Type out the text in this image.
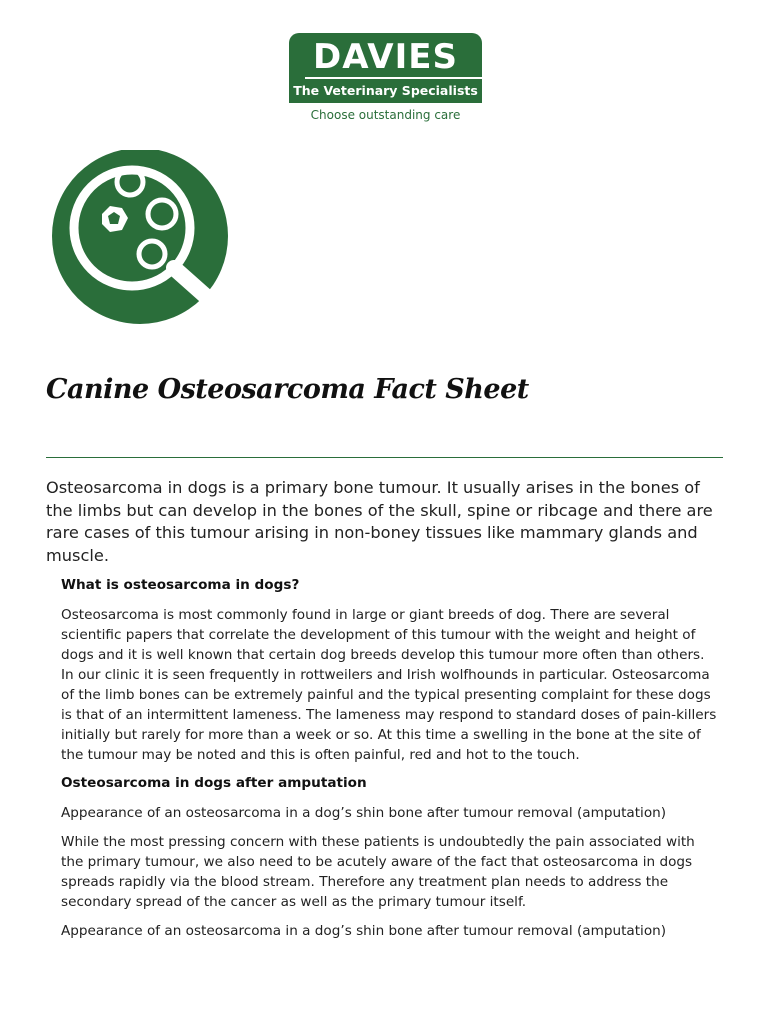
DAVIES
The Veterinary Specialists
Choose outstanding care
Canine Osteosarcoma Fact Sheet

Osteosarcoma in dogs is a primary bone tumour. It usually arises in the bones of the limbs but can develop in the bones of the skull, spine or ribcage and there are rare cases of this tumour arising in non-boney tissues like mammary glands and muscle.

What is osteosarcoma in dogs?

Osteosarcoma is most commonly found in large or giant breeds of dog. There are several scientific papers that correlate the development of this tumour with the weight and height of dogs and it is well known that certain dog breeds develop this tumour more often than others. In our clinic it is seen frequently in rottweilers and Irish wolfhounds in particular. Osteosarcoma of the limb bones can be extremely painful and the typical presenting complaint for these dogs is that of an intermittent lameness. The lameness may respond to standard doses of pain-killers initially but rarely for more than a week or so. At this time a swelling in the bone at the site of the tumour may be noted and this is often painful, red and hot to the touch.

Osteosarcoma in dogs after amputation

Appearance of an osteosarcoma in a dog’s shin bone after tumour removal (amputation)

While the most pressing concern with these patients is undoubtedly the pain associated with the primary tumour, we also need to be acutely aware of the fact that osteosarcoma in dogs spreads rapidly via the blood stream. Therefore any treatment plan needs to address the secondary spread of the cancer as well as the primary tumour itself.

Appearance of an osteosarcoma in a dog’s shin bone after tumour removal (amputation)
